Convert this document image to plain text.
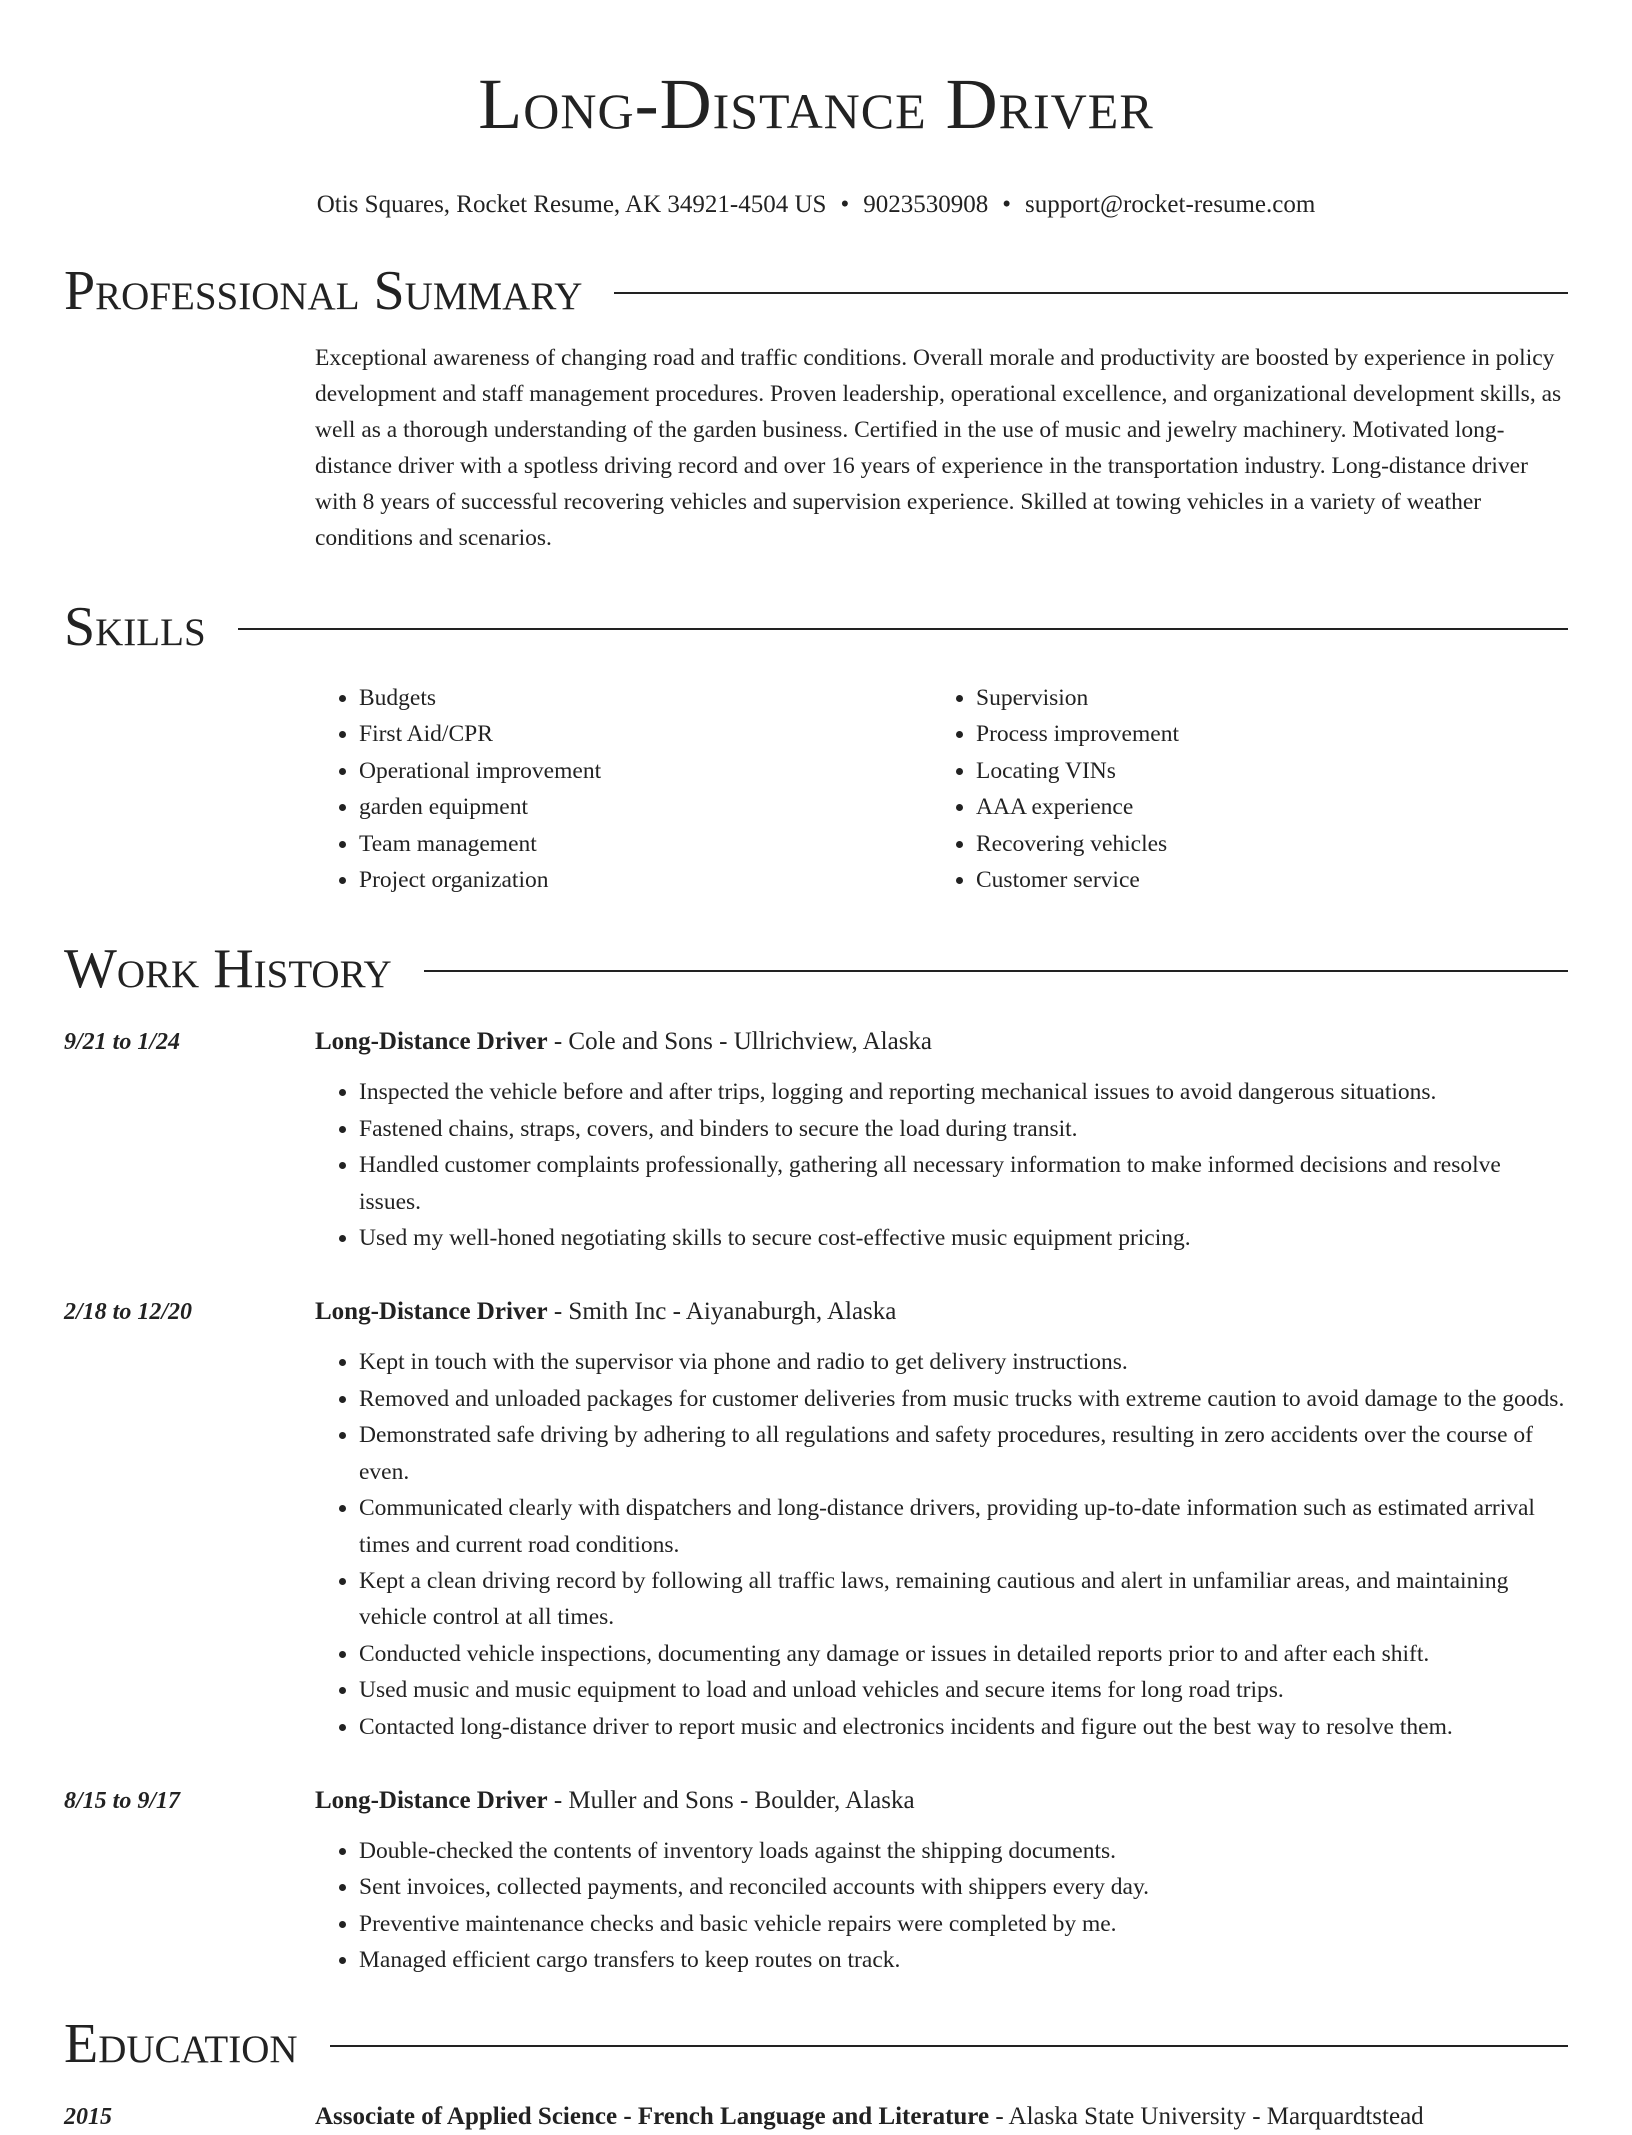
Long-Distance Driver
Otis Squares, Rocket Resume, AK 34921-4504 US • 9023530908 • support@rocket-resume.com
Professional Summary
Exceptional awareness of changing road and traffic conditions. Overall morale and productivity are boosted by experience in policy development and staff management procedures. Proven leadership, operational excellence, and organizational development skills, as well as a thorough understanding of the garden business. Certified in the use of music and jewelry machinery. Motivated long-distance driver with a spotless driving record and over 16 years of experience in the transportation industry. Long-distance driver with 8 years of successful recovering vehicles and supervision experience. Skilled at towing vehicles in a variety of weather conditions and scenarios.
Skills
• Budgets
• First Aid/CPR
• Operational improvement
• garden equipment
• Team management
• Project organization
• Supervision
• Process improvement
• Locating VINs
• AAA experience
• Recovering vehicles
• Customer service
Work History
9/21 to 1/24	Long-Distance Driver - Cole and Sons - Ullrichview, Alaska
• Inspected the vehicle before and after trips, logging and reporting mechanical issues to avoid dangerous situations.
• Fastened chains, straps, covers, and binders to secure the load during transit.
• Handled customer complaints professionally, gathering all necessary information to make informed decisions and resolve issues.
• Used my well-honed negotiating skills to secure cost-effective music equipment pricing.
2/18 to 12/20	Long-Distance Driver - Smith Inc - Aiyanaburgh, Alaska
• Kept in touch with the supervisor via phone and radio to get delivery instructions.
• Removed and unloaded packages for customer deliveries from music trucks with extreme caution to avoid damage to the goods.
• Demonstrated safe driving by adhering to all regulations and safety procedures, resulting in zero accidents over the course of even.
• Communicated clearly with dispatchers and long-distance drivers, providing up-to-date information such as estimated arrival times and current road conditions.
• Kept a clean driving record by following all traffic laws, remaining cautious and alert in unfamiliar areas, and maintaining vehicle control at all times.
• Conducted vehicle inspections, documenting any damage or issues in detailed reports prior to and after each shift.
• Used music and music equipment to load and unload vehicles and secure items for long road trips.
• Contacted long-distance driver to report music and electronics incidents and figure out the best way to resolve them.
8/15 to 9/17	Long-Distance Driver - Muller and Sons - Boulder, Alaska
• Double-checked the contents of inventory loads against the shipping documents.
• Sent invoices, collected payments, and reconciled accounts with shippers every day.
• Preventive maintenance checks and basic vehicle repairs were completed by me.
• Managed efficient cargo transfers to keep routes on track.
Education
2015	Associate of Applied Science - French Language and Literature - Alaska State University - Marquardtstead
